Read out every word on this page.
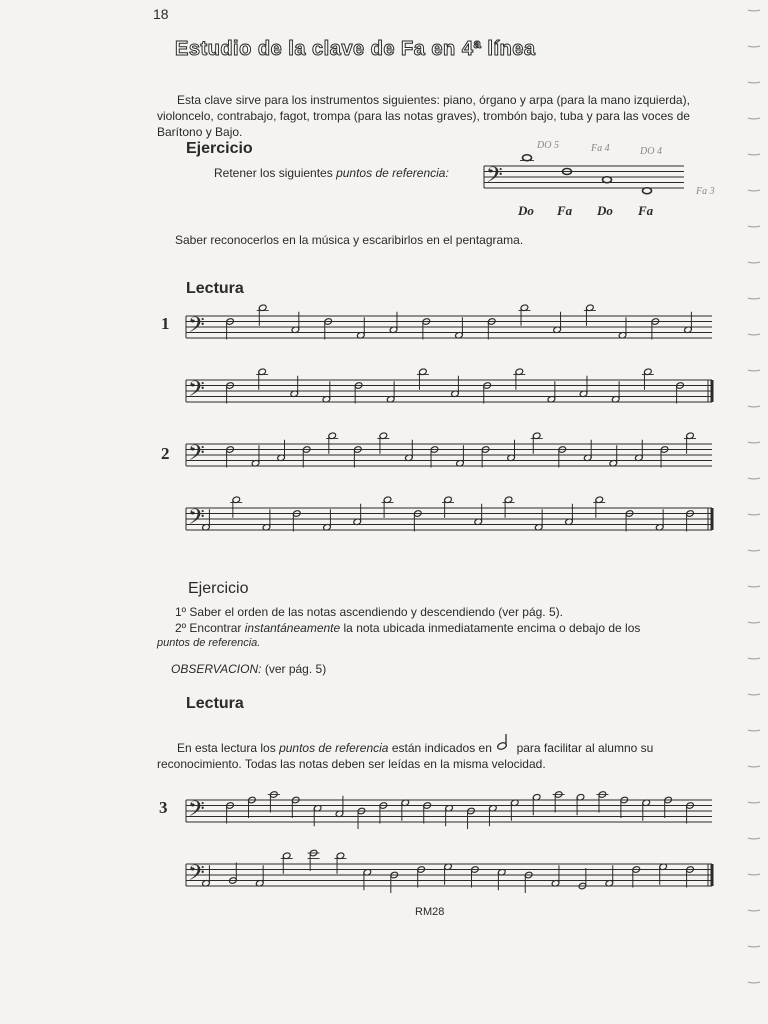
18
Estudio de la clave de Fa en 4ª línea

Esta clave sirve para los instrumentos siguientes: piano, órgano y arpa (para la mano izquierda), violoncelo, contrabajo, fagot, trompa (para las notas graves), trombón bajo, tuba y para las voces de Barítono y Bajo.

Ejercicio
Retener los siguientes puntos de referencia:
Do Fa Do Fa
DO 5	Fa 4	DO 4
Fa 3
Saber reconocerlos en la música y escaribirlos en el pentagrama.
Lectura
1
2
Ejercicio
1º Saber el orden de las notas ascendiendo y descendiendo (ver pág. 5).
2º Encontrar instantáneamente la nota ubicada inmediatamente encima o debajo de los
puntos de referencia.
OBSERVACION: (ver pág. 5)
Lectura

En esta lectura los puntos de referencia están indicados en para facilitar al alumno su reconocimiento. Todas las notas deben ser leídas en la misma velocidad.

3
RM28
𝄢
𝄢
𝄢
𝄢
𝄢
𝄢
𝄢
